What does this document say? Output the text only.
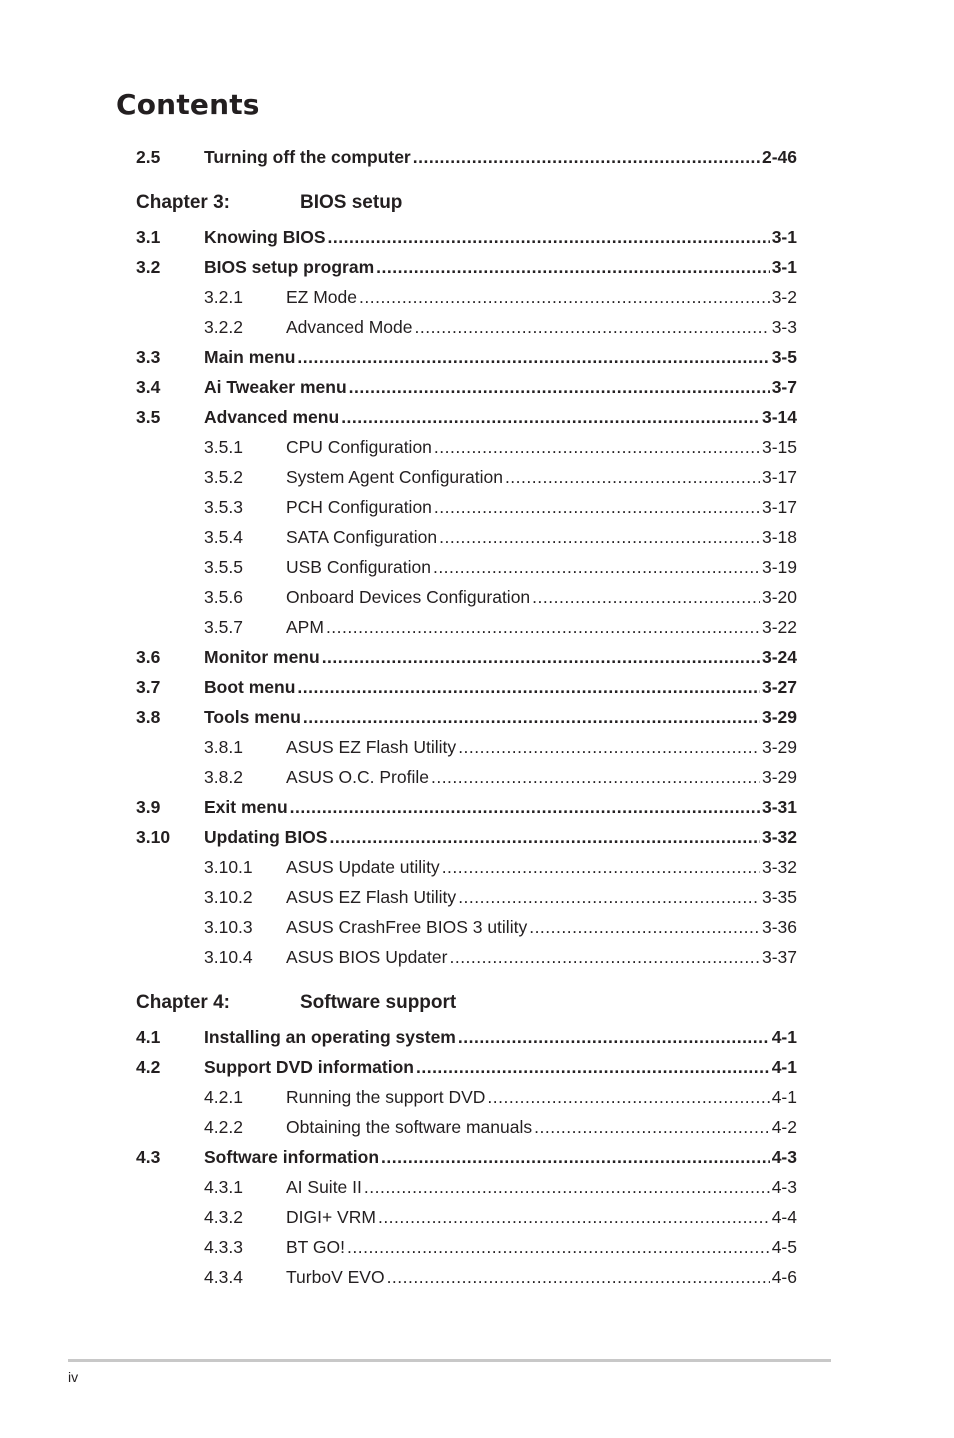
Contents
2.5 Turning off the computer .....	2-46
Chapter 3:	BIOS setup
3.1 Knowing BIOS .....	3-1
3.2 BIOS setup program .....	3-1
3.2.1 EZ Mode .....	3-2
3.2.2 Advanced Mode .....	3-3
3.3 Main menu .....	3-5
3.4 Ai Tweaker menu .....	3-7
3.5 Advanced menu .....	3-14
3.5.1 CPU Configuration .....	3-15
3.5.2 System Agent Configuration .....	3-17
3.5.3 PCH Configuration .....	3-17
3.5.4 SATA Configuration .....	3-18
3.5.5 USB Configuration .....	3-19
3.5.6 Onboard Devices Configuration .....	3-20
3.5.7 APM .....	3-22
3.6 Monitor menu .....	3-24
3.7 Boot menu .....	3-27
3.8 Tools menu .....	3-29
3.8.1 ASUS EZ Flash Utility .....	3-29
3.8.2 ASUS O.C. Profile .....	3-29
3.9 Exit menu .....	3-31
3.10 Updating BIOS .....	3-32
3.10.1 ASUS Update utility .....	3-32
3.10.2 ASUS EZ Flash Utility .....	3-35
3.10.3 ASUS CrashFree BIOS 3 utility .....	3-36
3.10.4 ASUS BIOS Updater .....	3-37
Chapter 4:	Software support
4.1 Installing an operating system .....	4-1
4.2 Support DVD information .....	4-1
4.2.1 Running the support DVD .....	4-1
4.2.2 Obtaining the software manuals .....	4-2
4.3 Software information .....	4-3
4.3.1 AI Suite II .....	4-3
4.3.2 DIGI+ VRM .....	4-4
4.3.3 BT GO! .....	4-5
4.3.4 TurboV EVO .....	4-6
iv
